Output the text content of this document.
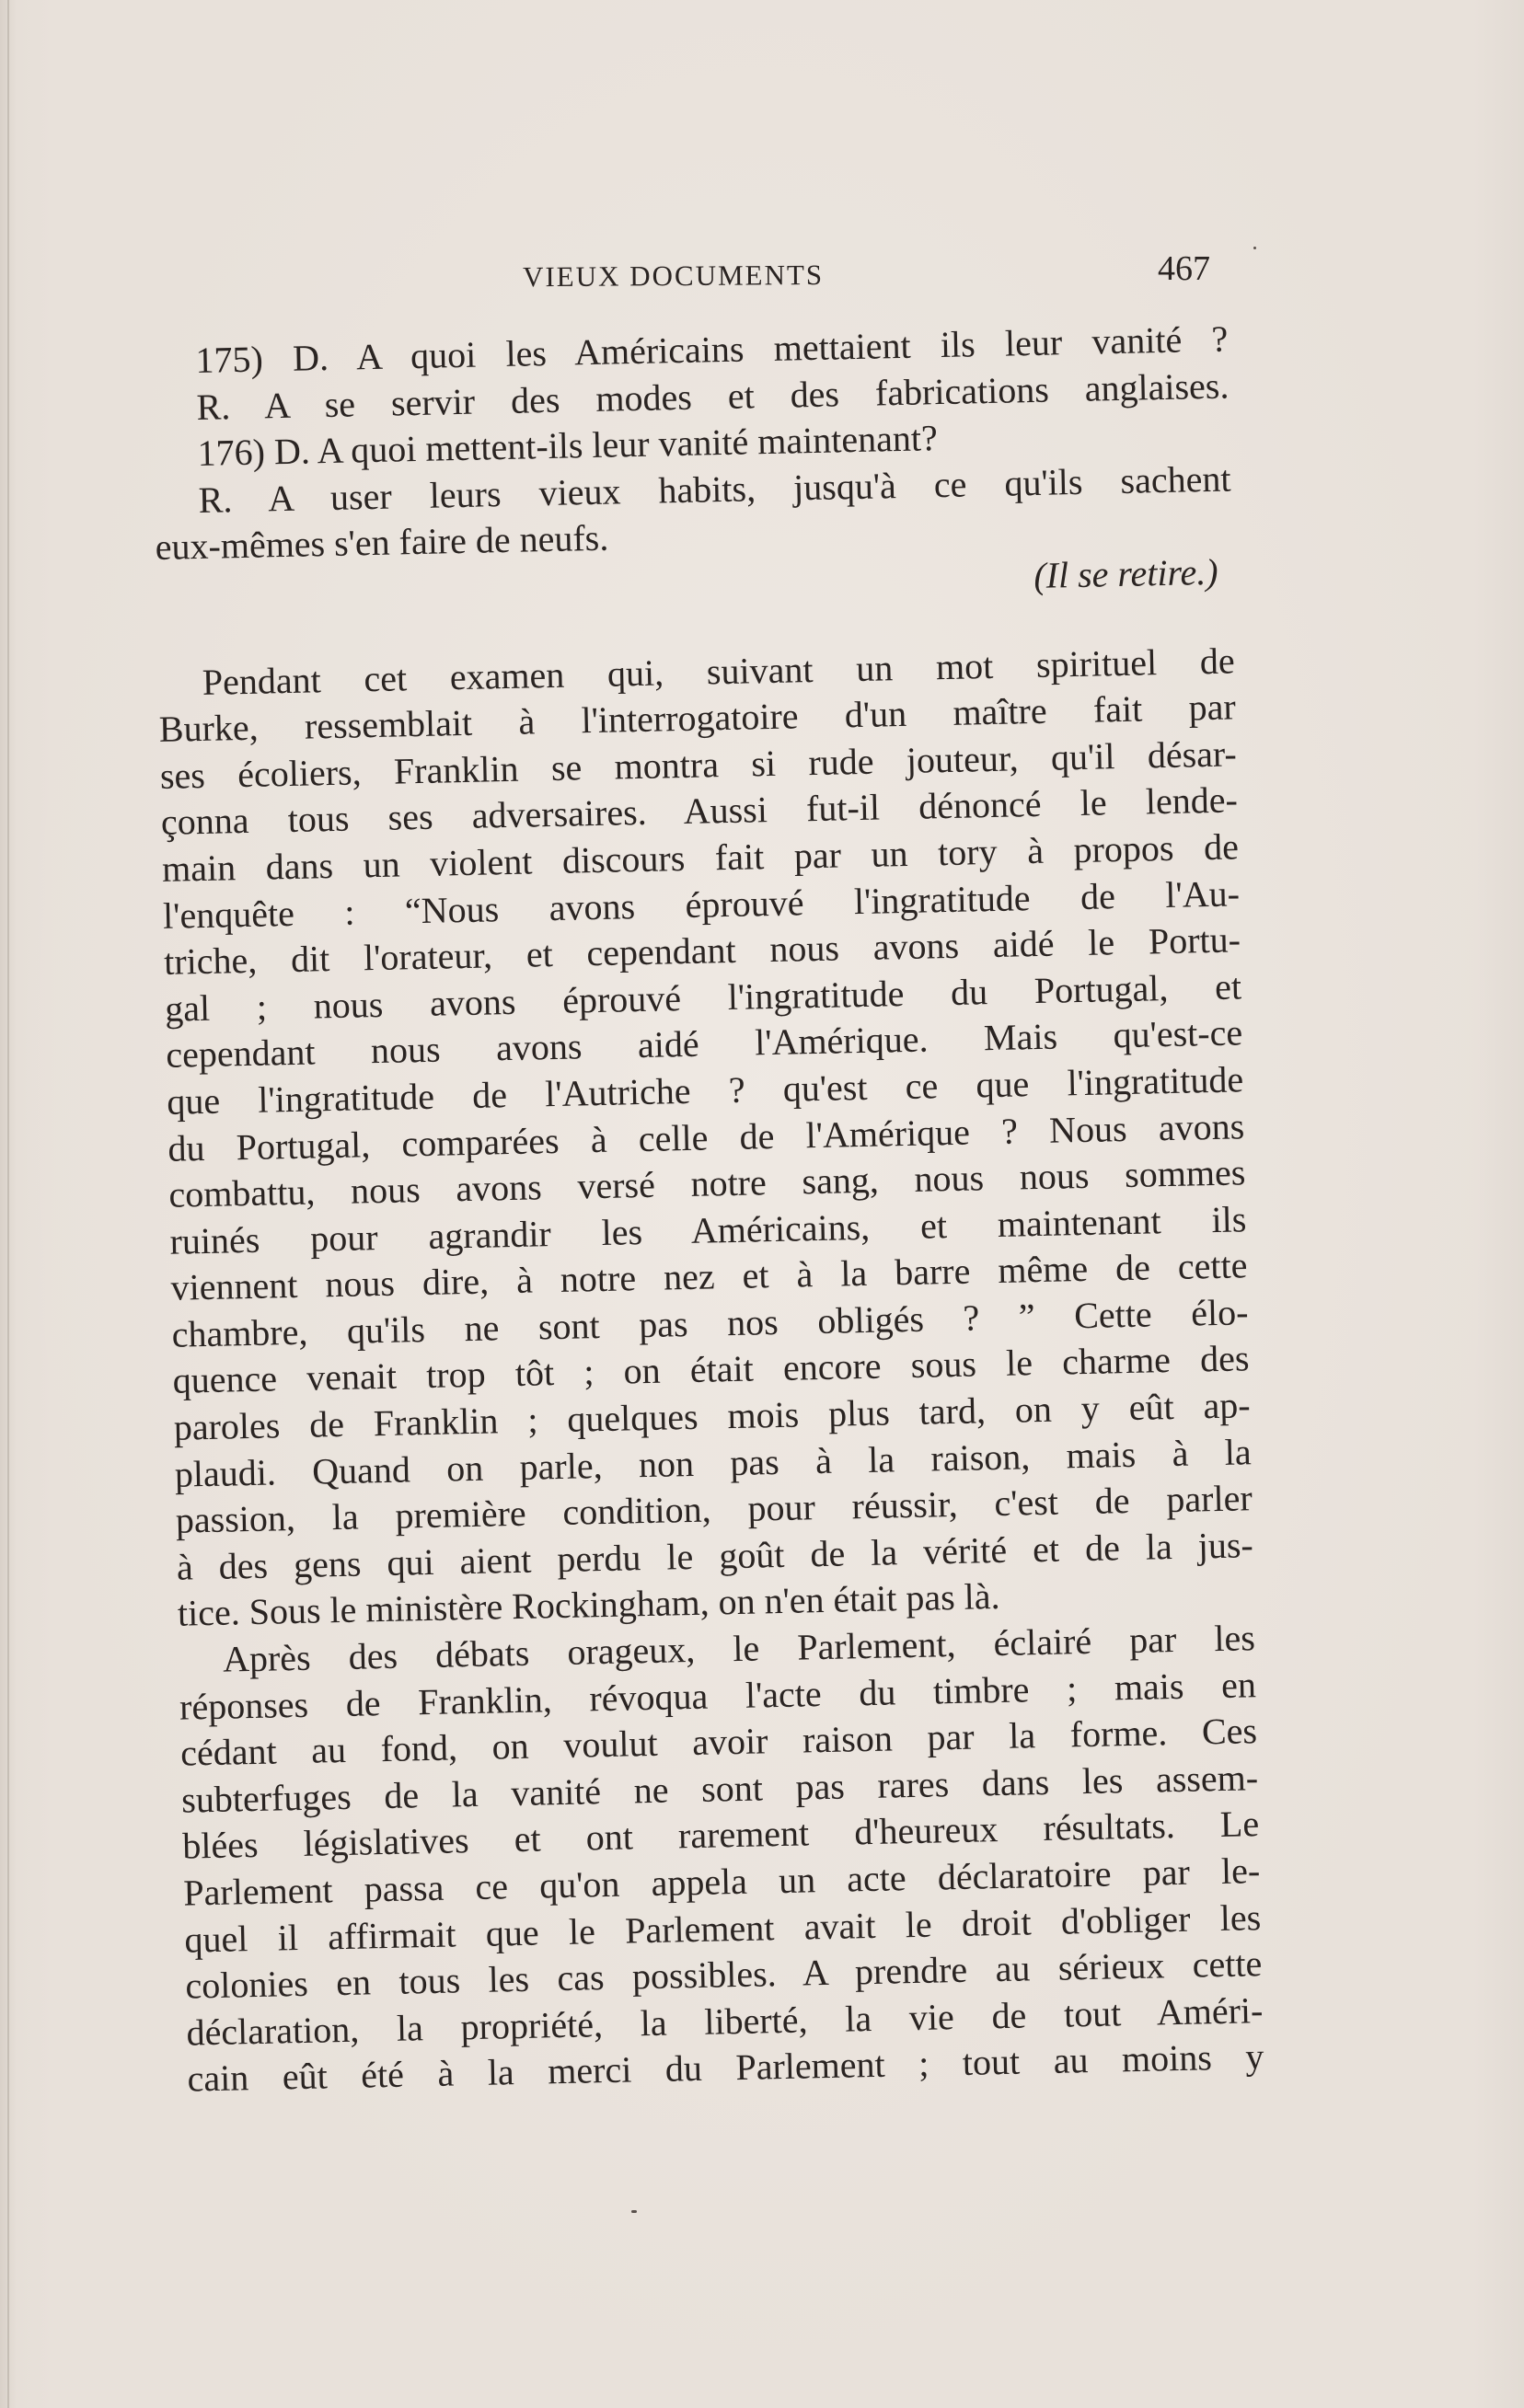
VIEUX DOCUMENTS	467
175) D. A quoi les Américains mettaient ils leur vanité ?
R. A se servir des modes et des fabrications anglaises.
176) D. A quoi mettent-ils leur vanité maintenant?
R. A user leurs vieux habits, jusqu'à ce qu'ils sachent
eux-mêmes s'en faire de neufs.
(Il se retire.)
Pendant cet examen qui, suivant un mot spirituel de
Burke, ressemblait à l'interrogatoire d'un maître fait par
ses écoliers, Franklin se montra si rude jouteur, qu'il désar-
çonna tous ses adversaires. Aussi fut-il dénoncé le lende-
main dans un violent discours fait par un tory à propos de
l'enquête : “Nous avons éprouvé l'ingratitude de l'Au-
triche, dit l'orateur, et cependant nous avons aidé le Portu-
gal ; nous avons éprouvé l'ingratitude du Portugal, et
cependant nous avons aidé l'Amérique. Mais qu'est-ce
que l'ingratitude de l'Autriche ? qu'est ce que l'ingratitude
du Portugal, comparées à celle de l'Amérique ? Nous avons
combattu, nous avons versé notre sang, nous nous sommes
ruinés pour agrandir les Américains, et maintenant ils
viennent nous dire, à notre nez et à la barre même de cette
chambre, qu'ils ne sont pas nos obligés ? ” Cette élo-
quence venait trop tôt ; on était encore sous le charme des
paroles de Franklin ; quelques mois plus tard, on y eût ap-
plaudi. Quand on parle, non pas à la raison, mais à la
passion, la première condition, pour réussir, c'est de parler
à des gens qui aient perdu le goût de la vérité et de la jus-
tice. Sous le ministère Rockingham, on n'en était pas là.
Après des débats orageux, le Parlement, éclairé par les
réponses de Franklin, révoqua l'acte du timbre ; mais en
cédant au fond, on voulut avoir raison par la forme. Ces
subterfuges de la vanité ne sont pas rares dans les assem-
blées législatives et ont rarement d'heureux résultats. Le
Parlement passa ce qu'on appela un acte déclaratoire par le-
quel il affirmait que le Parlement avait le droit d'obliger les
colonies en tous les cas possibles. A prendre au sérieux cette
déclaration, la propriété, la liberté, la vie de tout Améri-
cain eût été à la merci du Parlement ; tout au moins y
